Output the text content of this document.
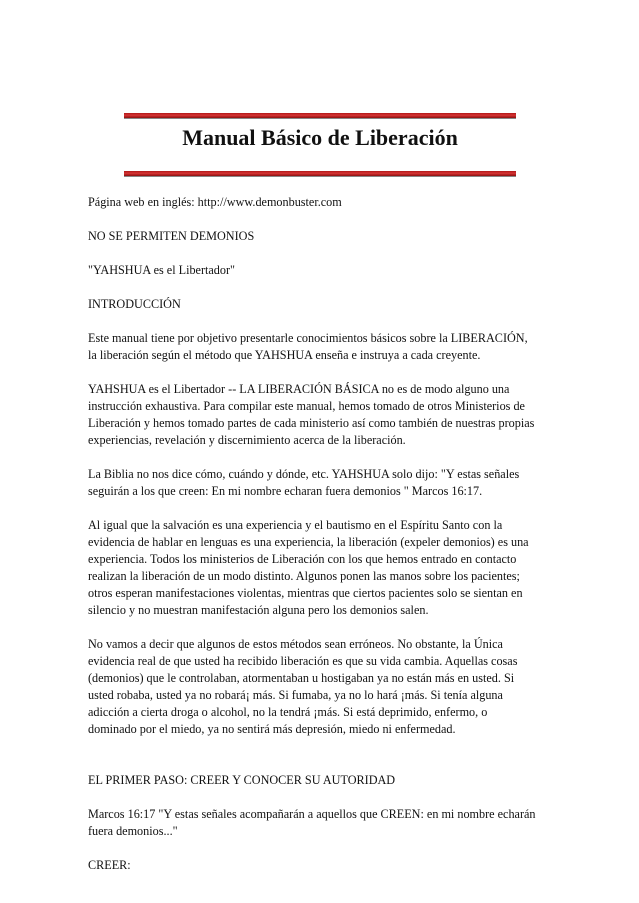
Manual Básico de Liberación

Página web en inglés: http://www.demonbuster.com

NO SE PERMITEN DEMONIOS

"YAHSHUA es el Libertador"

INTRODUCCIÓN

Este manual tiene por objetivo presentarle conocimientos básicos sobre la LIBERACIÓN,
la liberación según el método que YAHSHUA enseña e instruya a cada creyente.

YAHSHUA es el Libertador -- LA LIBERACIÓN BÁSICA no es de modo alguno una
instrucción exhaustiva. Para compilar este manual, hemos tomado de otros Ministerios de
Liberación y hemos tomado partes de cada ministerio así como también de nuestras propias
experiencias, revelación y discernimiento acerca de la liberación.

La Biblia no nos dice cómo, cuándo y dónde, etc. YAHSHUA solo dijo: "Y estas señales
seguirán a los que creen: En mi nombre echaran fuera demonios " Marcos 16:17.

Al igual que la salvación es una experiencia y el bautismo en el Espíritu Santo con la
evidencia de hablar en lenguas es una experiencia, la liberación (expeler demonios) es una
experiencia. Todos los ministerios de Liberación con los que hemos entrado en contacto
realizan la liberación de un modo distinto. Algunos ponen las manos sobre los pacientes;
otros esperan manifestaciones violentas, mientras que ciertos pacientes solo se sientan en
silencio y no muestran manifestación alguna pero los demonios salen.

No vamos a decir que algunos de estos métodos sean erróneos. No obstante, la Única
evidencia real de que usted ha recibido liberación es que su vida cambia. Aquellas cosas
(demonios) que le controlaban, atormentaban u hostigaban ya no están más en usted. Si
usted robaba, usted ya no robará¡ más. Si fumaba, ya no lo hará ¡más. Si tenía alguna
adicción a cierta droga o alcohol, no la tendrá ¡más. Si está deprimido, enfermo, o
dominado por el miedo, ya no sentirá más depresión, miedo ni enfermedad.

EL PRIMER PASO: CREER Y CONOCER SU AUTORIDAD

Marcos 16:17 "Y estas señales acompañarán a aquellos que CREEN: en mi nombre echarán
fuera demonios..."

CREER:
